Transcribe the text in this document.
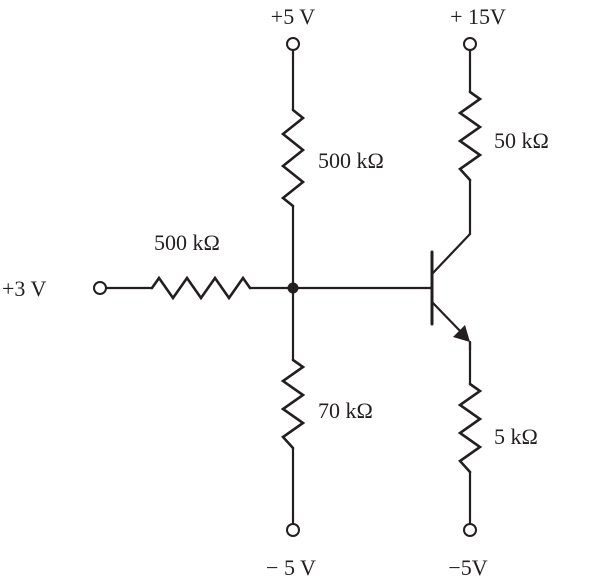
+5 V	+ 15V
+3 V
− 5 V	−5V
500 kΩ
500 kΩ
70 kΩ
50 kΩ
5 kΩ
